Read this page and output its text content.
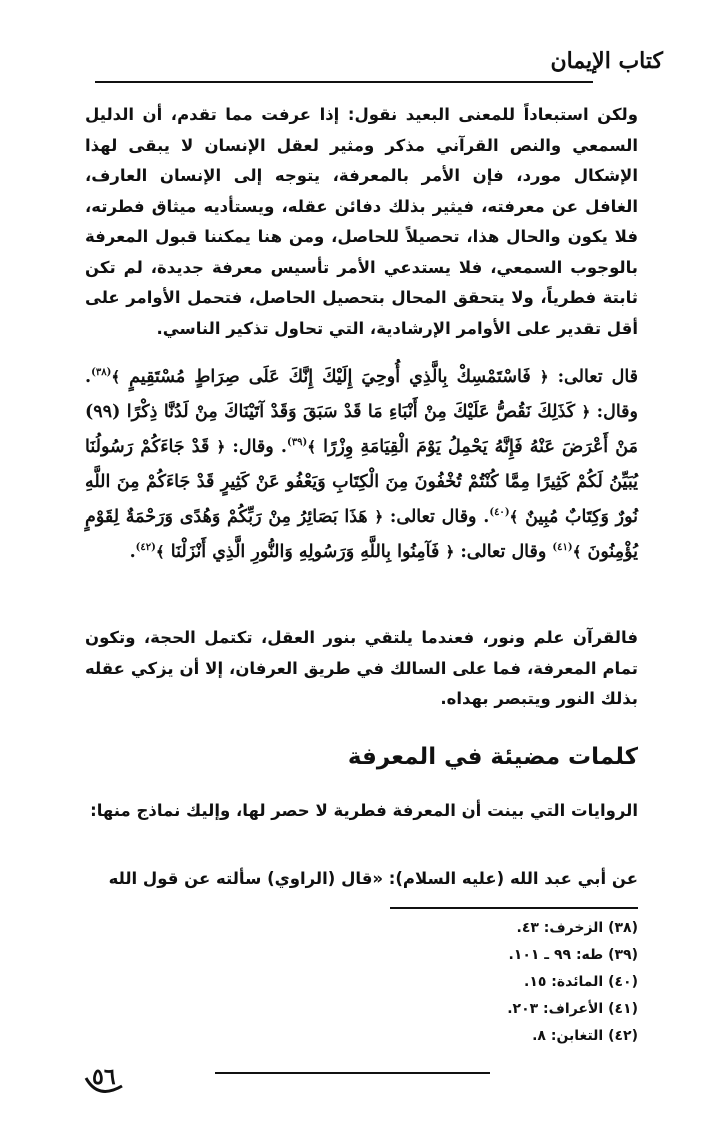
كتاب الإيمان
ولكن استبعاداً للمعنى البعيد نقول: إذا عرفت مما تقدم، أن الدليل السمعي والنص القرآني مذكر ومثير لعقل الإنسان لا يبقى لهذا الإشكال مورد، فإن الأمر بالمعرفة، يتوجه إلى الإنسان العارف، الغافل عن معرفته، فيثير بذلك دفائن عقله، ويستأديه ميثاق فطرته، فلا يكون والحال هذا، تحصيلاً للحاصل، ومن هنا يمكننا قبول المعرفة بالوجوب السمعي، فلا يستدعي الأمر تأسيس معرفة جديدة، لم تكن ثابتة فطرياً، ولا يتحقق المحال بتحصيل الحاصل، فتحمل الأوامر على أقل تقدير على الأوامر الإرشادية، التي تحاول تذكير الناسي.
قال تعالى: ﴿ فَاسْتَمْسِكْ بِالَّذِي أُوحِيَ إِلَيْكَ إِنَّكَ عَلَى صِرَاطٍ مُسْتَقِيمٍ ﴾$^{(٣٨)}$. وقال: ﴿ كَذَلِكَ نَقُصُّ عَلَيْكَ مِنْ أَنْبَاءِ مَا قَدْ سَبَقَ وَقَدْ آتَيْنَاكَ مِنْ لَدُنَّا ذِكْرًا (٩٩) مَنْ أَعْرَضَ عَنْهُ فَإِنَّهُ يَحْمِلُ يَوْمَ الْقِيَامَةِ وِزْرًا ﴾$^{(٣٩)}$. وقال: ﴿ قَدْ جَاءَكُمْ رَسُولُنَا يُبَيِّنُ لَكُمْ كَثِيرًا مِمَّا كُنْتُمْ تُخْفُونَ مِنَ الْكِتَابِ وَيَعْفُو عَنْ كَثِيرٍ قَدْ جَاءَكُمْ مِنَ اللَّهِ نُورٌ وَكِتَابٌ مُبِينٌ ﴾$^{(٤٠)}$. وقال تعالى: ﴿ هَذَا بَصَائِرُ مِنْ رَبِّكُمْ وَهُدًى وَرَحْمَةٌ لِقَوْمٍ يُؤْمِنُونَ ﴾$^{(٤١)}$ وقال تعالى: ﴿ فَآمِنُوا بِاللَّهِ وَرَسُولِهِ وَالنُّورِ الَّذِي أَنْزَلْنَا ﴾$^{(٤٢)}$.
فالقرآن علم ونور، فعندما يلتقي بنور العقل، تكتمل الحجة، وتكون تمام المعرفة، فما على السالك في طريق العرفان، إلا أن يزكي عقله بذلك النور ويتبصر بهداه.
كلمات مضيئة في المعرفة
الروايات التي بينت أن المعرفة فطرية لا حصر لها، وإليك نماذج منها:
عن أبي عبد الله (عليه السلام): «قال (الراوي) سألته عن قول الله
(٣٨) الزخرف: ٤٣.
(٣٩) طه: ٩٩ ـ ١٠١.
(٤٠) المائدة: ١٥.
(٤١) الأعراف: ٢٠٣.
(٤٢) التغابن: ٨.
٥٦
